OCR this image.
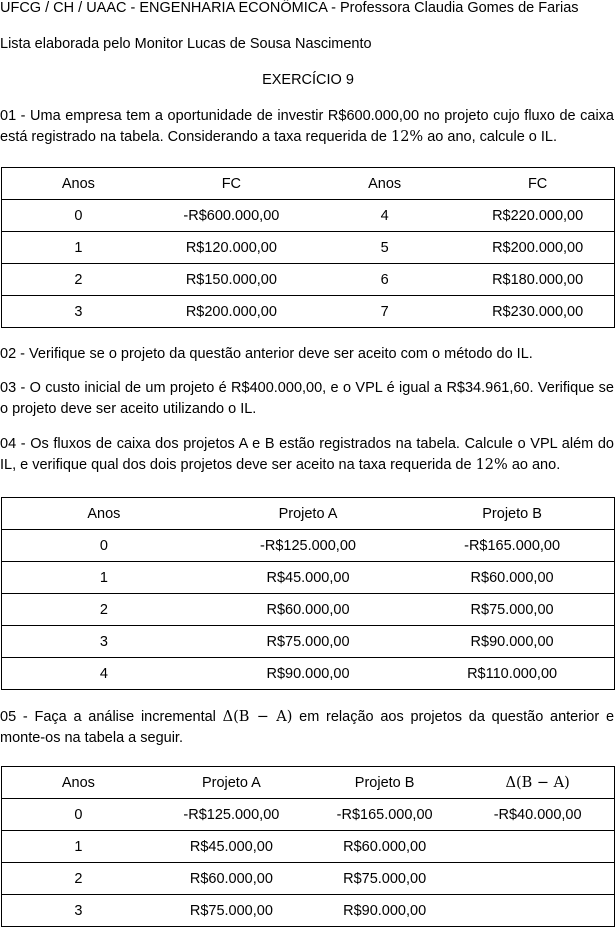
UFCG / CH / UAAC - ENGENHARIA ECONÔMICA - Professora Claudia Gomes de Farias
Lista elaborada pelo Monitor Lucas de Sousa Nascimento
EXERCÍCIO 9
01 - Uma empresa tem a oportunidade de investir R$600.000,00 no projeto cujo fluxo de caixa está registrado na tabela. Considerando a taxa requerida de 12% ao ano, calcule o IL.
Anos	FC	Anos	FC
0	-R$600.000,00	4	R$220.000,00
1	R$120.000,00	5	R$200.000,00
2	R$150.000,00	6	R$180.000,00
3	R$200.000,00	7	R$230.000,00
02 - Verifique se o projeto da questão anterior deve ser aceito com o método do IL.
03 - O custo inicial de um projeto é R$400.000,00, e o VPL é igual a R$34.961,60. Verifique se o projeto deve ser aceito utilizando o IL.
04 - Os fluxos de caixa dos projetos A e B estão registrados na tabela. Calcule o VPL além do IL, e verifique qual dos dois projetos deve ser aceito na taxa requerida de 12% ao ano.
Anos	Projeto A	Projeto B
0	-R$125.000,00	-R$165.000,00
1	R$45.000,00	R$60.000,00
2	R$60.000,00	R$75.000,00
3	R$75.000,00	R$90.000,00
4	R$90.000,00	R$110.000,00
05 - Faça a análise incremental Δ(B − A) em relação aos projetos da questão anterior e monte-os na tabela a seguir.
Anos	Projeto A	Projeto B	Δ(B − A)
0	-R$125.000,00	-R$165.000,00	-R$40.000,00
1	R$45.000,00	R$60.000,00	
2	R$60.000,00	R$75.000,00	
3	R$75.000,00	R$90.000,00	
